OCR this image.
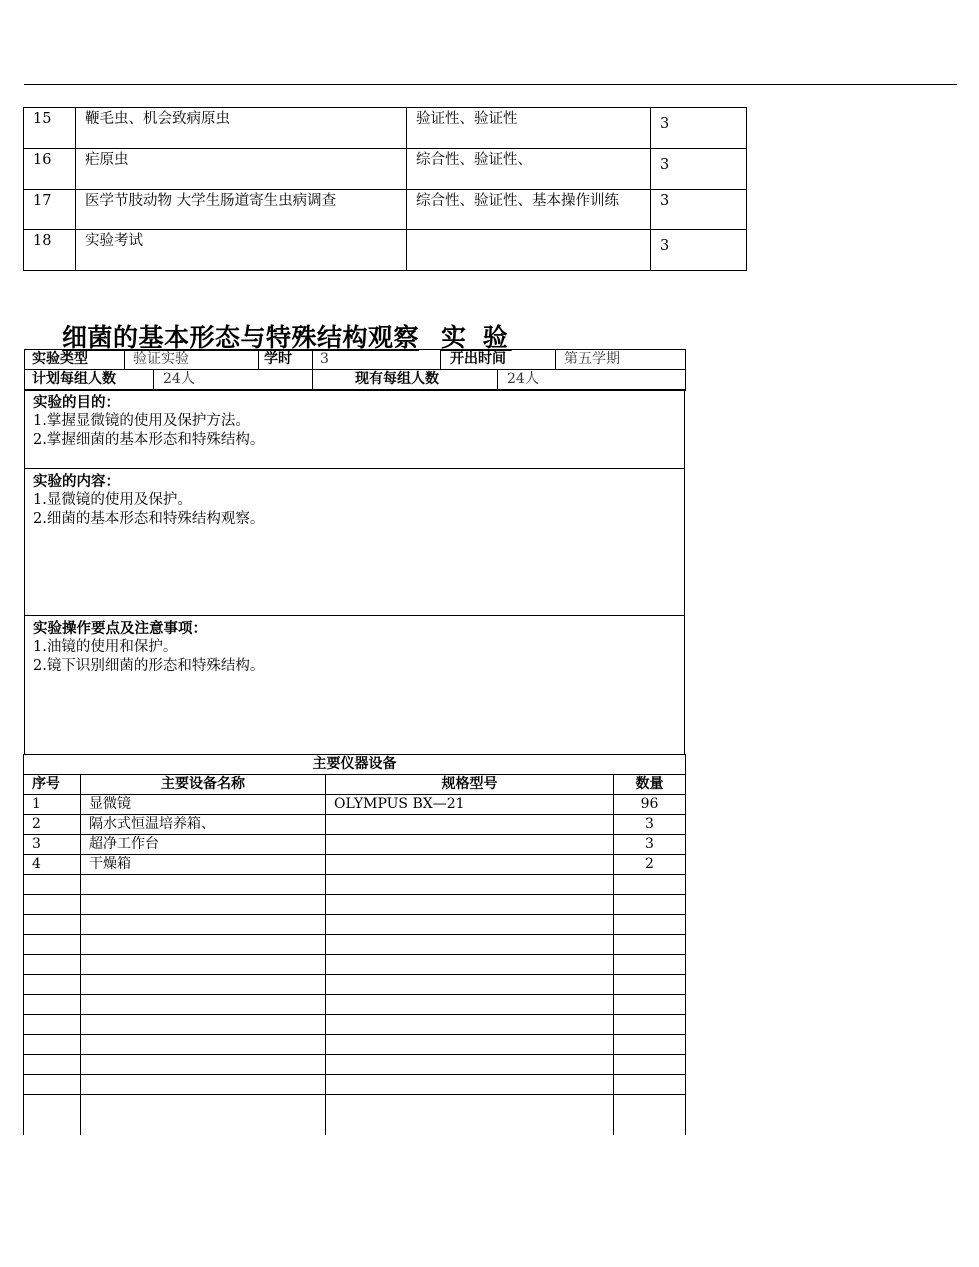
15	鞭毛虫、机会致病原虫	验证性、验证性	3
16	疟原虫	综合性、验证性、	3
17	医学节肢动物 大学生肠道寄生虫病调查	综合性、验证性、基本操作训练	3
18	实验考试		3
细菌的基本形态与特殊结构观察 实 验
实验类型	验证实验	学时 3	开出时间	第五学期
计划每组人数	24人	现有每组人数	24人
实验的目的：
1.掌握显微镜的使用及保护方法。
2.掌握细菌的基本形态和特殊结构。
实验的内容：
1.显微镜的使用及保护。
2.细菌的基本形态和特殊结构观察。
实验操作要点及注意事项：
1.油镜的使用和保护。
2.镜下识别细菌的形态和特殊结构。
主要仪器设备			
序号	主要设备名称	规格型号	数量
1	显微镜	OLYMPUS BX—21	96
2	隔水式恒温培养箱、		3
3	超净工作台		3
4	干燥箱		2
